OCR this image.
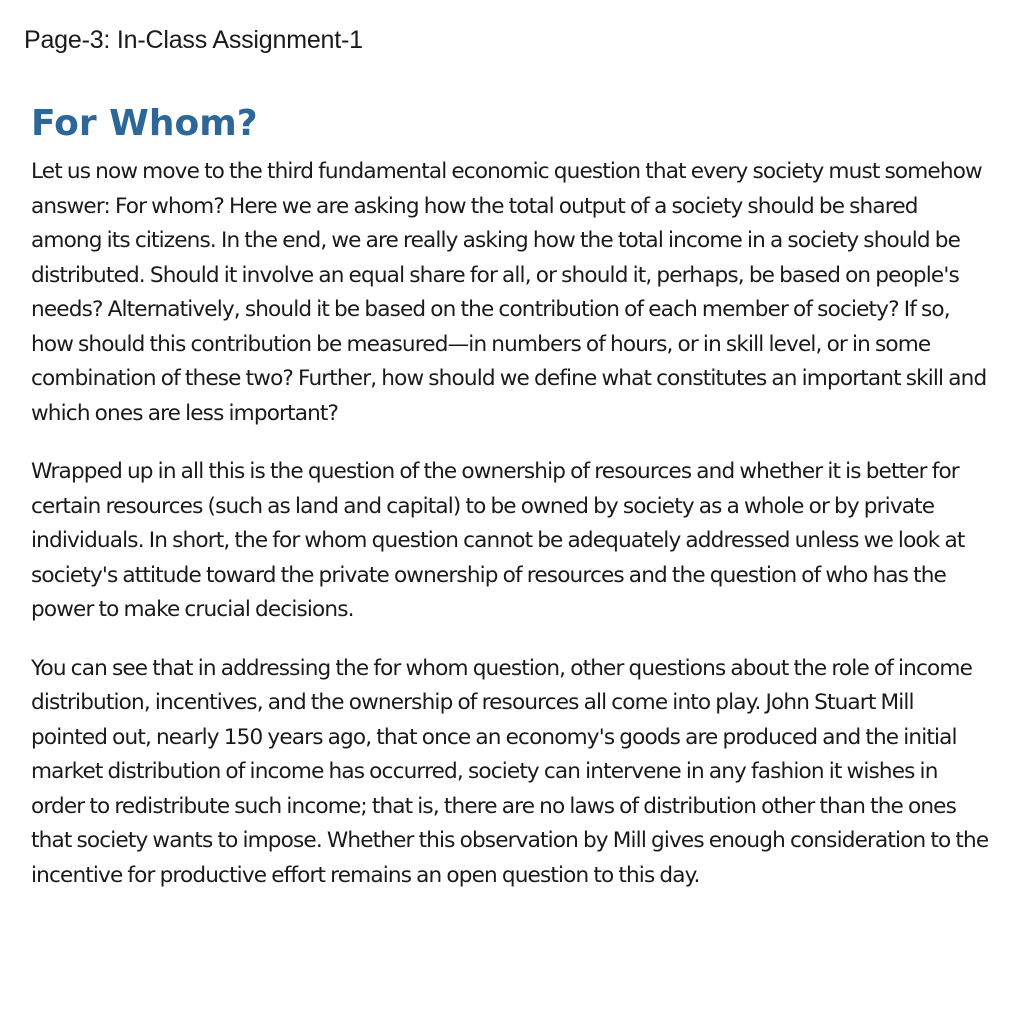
Page-3: In-Class Assignment-1
For Whom?

Let us now move to the third fundamental economic question that every society must somehow answer: For whom? Here we are asking how the total output of a society should be shared among its citizens. In the end, we are really asking how the total income in a society should be distributed. Should it involve an equal share for all, or should it, perhaps, be based on people's needs? Alternatively, should it be based on the contribution of each member of society? If so, how should this contribution be measured—in numbers of hours, or in skill level, or in some combination of these two? Further, how should we define what constitutes an important skill and which ones are less important?

Wrapped up in all this is the question of the ownership of resources and whether it is better for certain resources (such as land and capital) to be owned by society as a whole or by private individuals. In short, the for whom question cannot be adequately addressed unless we look at society's attitude toward the private ownership of resources and the question of who has the power to make crucial decisions.

You can see that in addressing the for whom question, other questions about the role of income distribution, incentives, and the ownership of resources all come into play. John Stuart Mill pointed out, nearly 150 years ago, that once an economy's goods are produced and the initial market distribution of income has occurred, society can intervene in any fashion it wishes in order to redistribute such income; that is, there are no laws of distribution other than the ones that society wants to impose. Whether this observation by Mill gives enough consideration to the incentive for productive effort remains an open question to this day.
